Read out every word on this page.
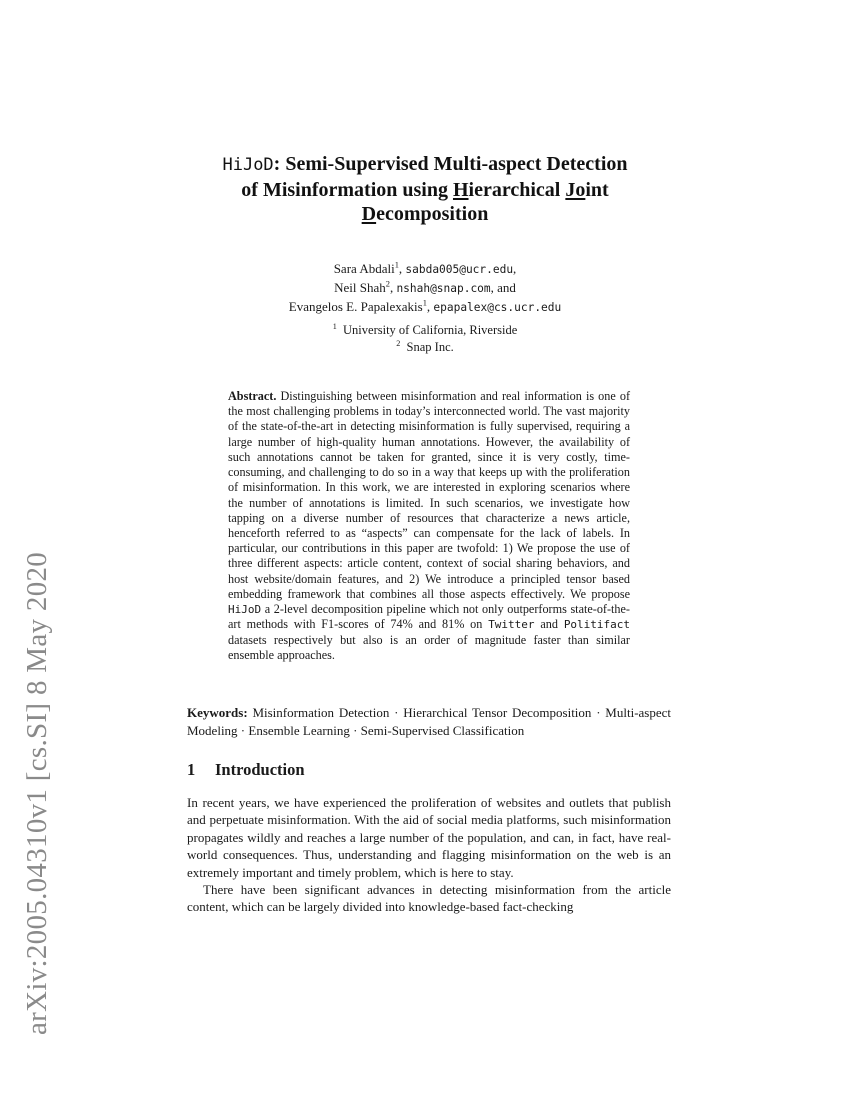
arXiv:2005.04310v1 [cs.SI] 8 May 2020
HiJoD: Semi-Supervised Multi-aspect Detection
of Misinformation using Hierarchical Joint
Decomposition
Sara Abdali$^1$, sabda005@ucr.edu,
Neil Shah$^2$, nshah@snap.com, and
Evangelos E. Papalexakis$^1$, epapalex@cs.ucr.edu
$^1$ University of California, Riverside
$^2$ Snap Inc.
Abstract. Distinguishing between misinformation and real information is one of the most challenging problems in today’s interconnected world. The vast majority of the state-of-the-art in detecting misinformation is fully supervised, requiring a large number of high-quality human annotations. However, the availability of such annotations cannot be taken for granted, since it is very costly, time-consuming, and challenging to do so in a way that keeps up with the proliferation of misinformation. In this work, we are interested in exploring scenarios where the number of annotations is limited. In such scenarios, we investigate how tapping on a diverse number of resources that characterize a news article, henceforth referred to as “aspects” can compensate for the lack of labels. In particular, our contributions in this paper are twofold: 1) We propose the use of three different aspects: article content, context of social sharing behaviors, and host website/domain features, and 2) We introduce a principled tensor based embedding framework that combines all those aspects effectively. We propose HiJoD a 2-level decomposition pipeline which not only outperforms state-of-the-art methods with F1-scores of 74% and 81% on Twitter and Politifact datasets respectively but also is an order of magnitude faster than similar ensemble approaches.
Keywords: Misinformation Detection · Hierarchical Tensor Decomposition · Multi-aspect Modeling · Ensemble Learning · Semi-Supervised Classification
1 Introduction

In recent years, we have experienced the proliferation of websites and outlets that publish and perpetuate misinformation. With the aid of social media platforms, such misinformation propagates wildly and reaches a large number of the population, and can, in fact, have real-world consequences. Thus, understanding and flagging misinformation on the web is an extremely important and timely problem, which is here to stay.

There have been significant advances in detecting misinformation from the article content, which can be largely divided into knowledge-based fact-checking
